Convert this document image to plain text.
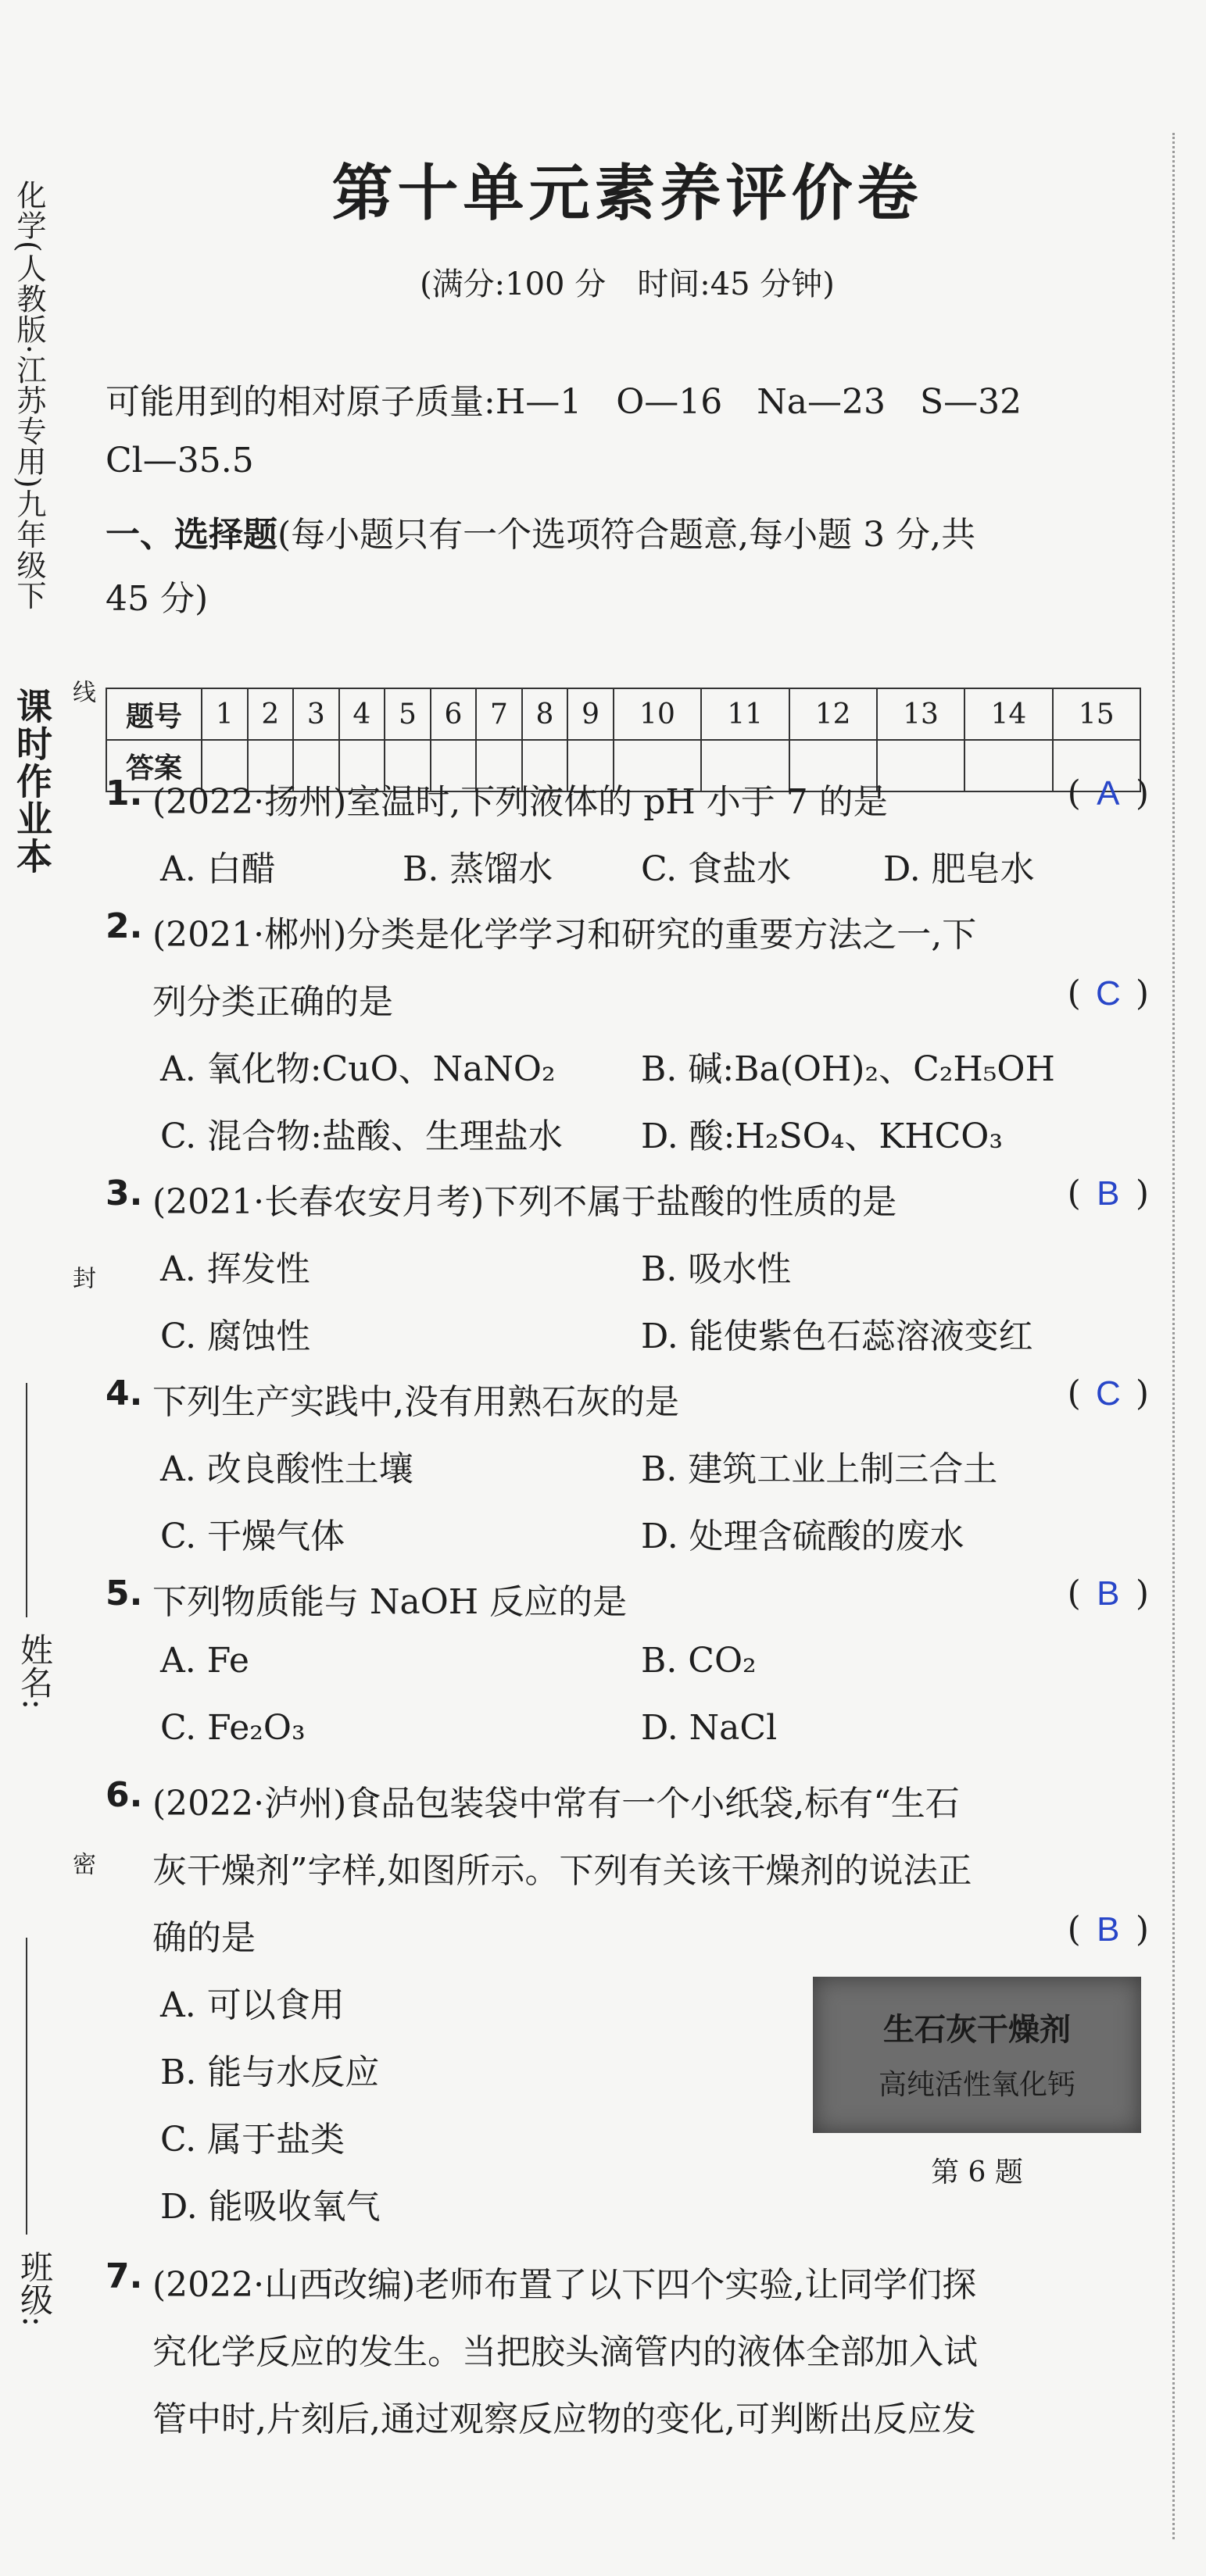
化学(人教版·江苏专用)九年级下
课时作业本
姓名:
班级:
线
封
密
第十单元素养评价卷
(满分:100 分　时间:45 分钟)
可能用到的相对原子质量:H—1　O—16　Na—23　S—32
Cl—35.5
一、选择题(每小题只有一个选项符合题意,每小题 3 分,共
45 分)
题号	1	2	3	4	5	6	7	8	9	10	11	12	13	14	15
答案															
1. (2022·扬州)室温时,下列液体的 pH 小于 7 的是	( A )
A. 白醋	B. 蒸馏水	C. 食盐水	D. 肥皂水
2. (2021·郴州)分类是化学学习和研究的重要方法之一,下
列分类正确的是	( C )
A. 氧化物:CuO、NaNO₂ B. 碱:Ba(OH)₂、C₂H₅OH
C. 混合物:盐酸、生理盐水 D. 酸:H₂SO₄、KHCO₃
3. (2021·长春农安月考)下列不属于盐酸的性质的是	( B )
A. 挥发性	B. 吸水性
C. 腐蚀性	D. 能使紫色石蕊溶液变红
4. 下列生产实践中,没有用熟石灰的是	( C )
A. 改良酸性土壤	B. 建筑工业上制三合土
C. 干燥气体	D. 处理含硫酸的废水
5. 下列物质能与 NaOH 反应的是	( B )
A. Fe	B. CO₂
C. Fe₂O₃	D. NaCl
6. (2022·泸州)食品包装袋中常有一个小纸袋,标有“生石
灰干燥剂”字样,如图所示。下列有关该干燥剂的说法正
确的是	( B )
A. 可以食用
B. 能与水反应
C. 属于盐类
D. 能吸收氧气
生石灰干燥剂
高纯活性氧化钙
第 6 题
7. (2022·山西改编)老师布置了以下四个实验,让同学们探
究化学反应的发生。当把胶头滴管内的液体全部加入试
管中时,片刻后,通过观察反应物的变化,可判断出反应发
